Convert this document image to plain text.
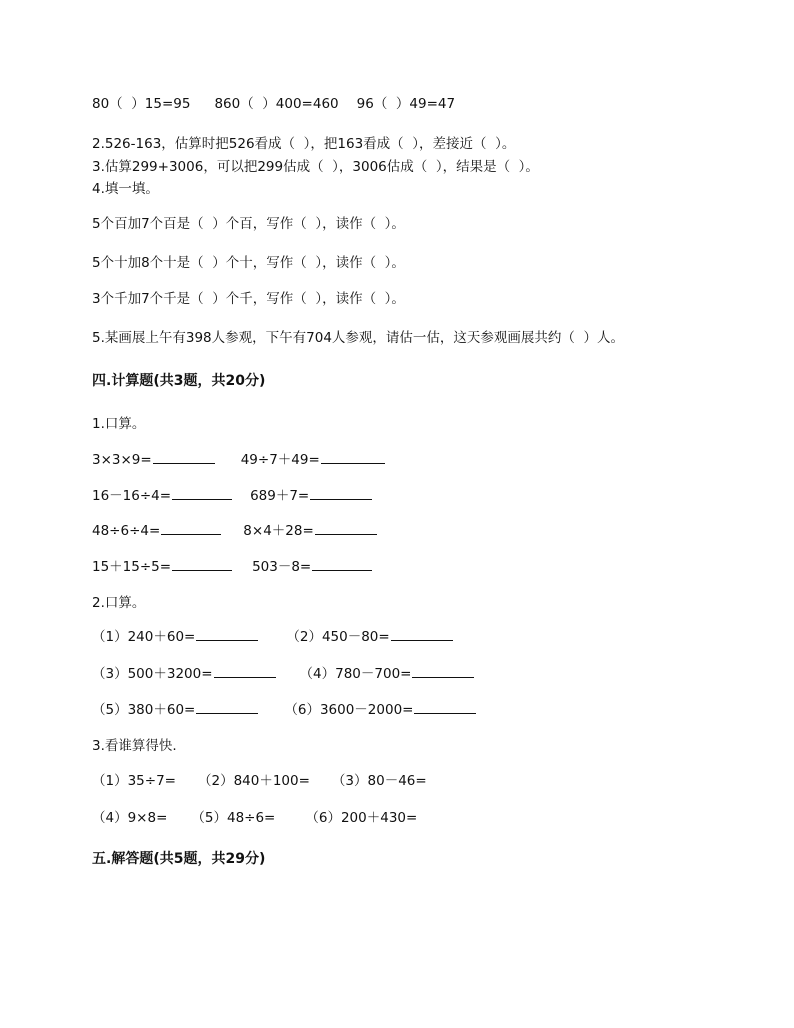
80（  ）15=95 860（  ）400=460 96（  ）49=47
2.526-163，估算时把526看成（  ），把163看成（  ），差接近（  ）。
3.估算299+3006，可以把299估成（  ），3006估成（  ），结果是（  ）。
4.填一填。
5个百加7个百是（  ）个百，写作（  ），读作（  ）。
5个十加8个十是（  ）个十，写作（  ），读作（  ）。
3个千加7个千是（  ）个千，写作（  ），读作（  ）。
5.某画展上午有398人参观，下午有704人参观，请估一估，这天参观画展共约（  ）人。
四.计算题(共3题，共20分)
1.口算。
3×3×9=	49÷7＋49=
16－16÷4=	689＋7=
48÷6÷4=	8×4＋28=
15＋15÷5=	503－8=
2.口算。
（1）240＋60=	（2）450－80=
（3）500＋3200=	（4）780－700=
（5）380＋60=	（6）3600－2000=
3.看谁算得快.
（1）35÷7= （2）840＋100= （3）80－46=
（4）9×8= （5）48÷6= （6）200＋430=
五.解答题(共5题，共29分)
